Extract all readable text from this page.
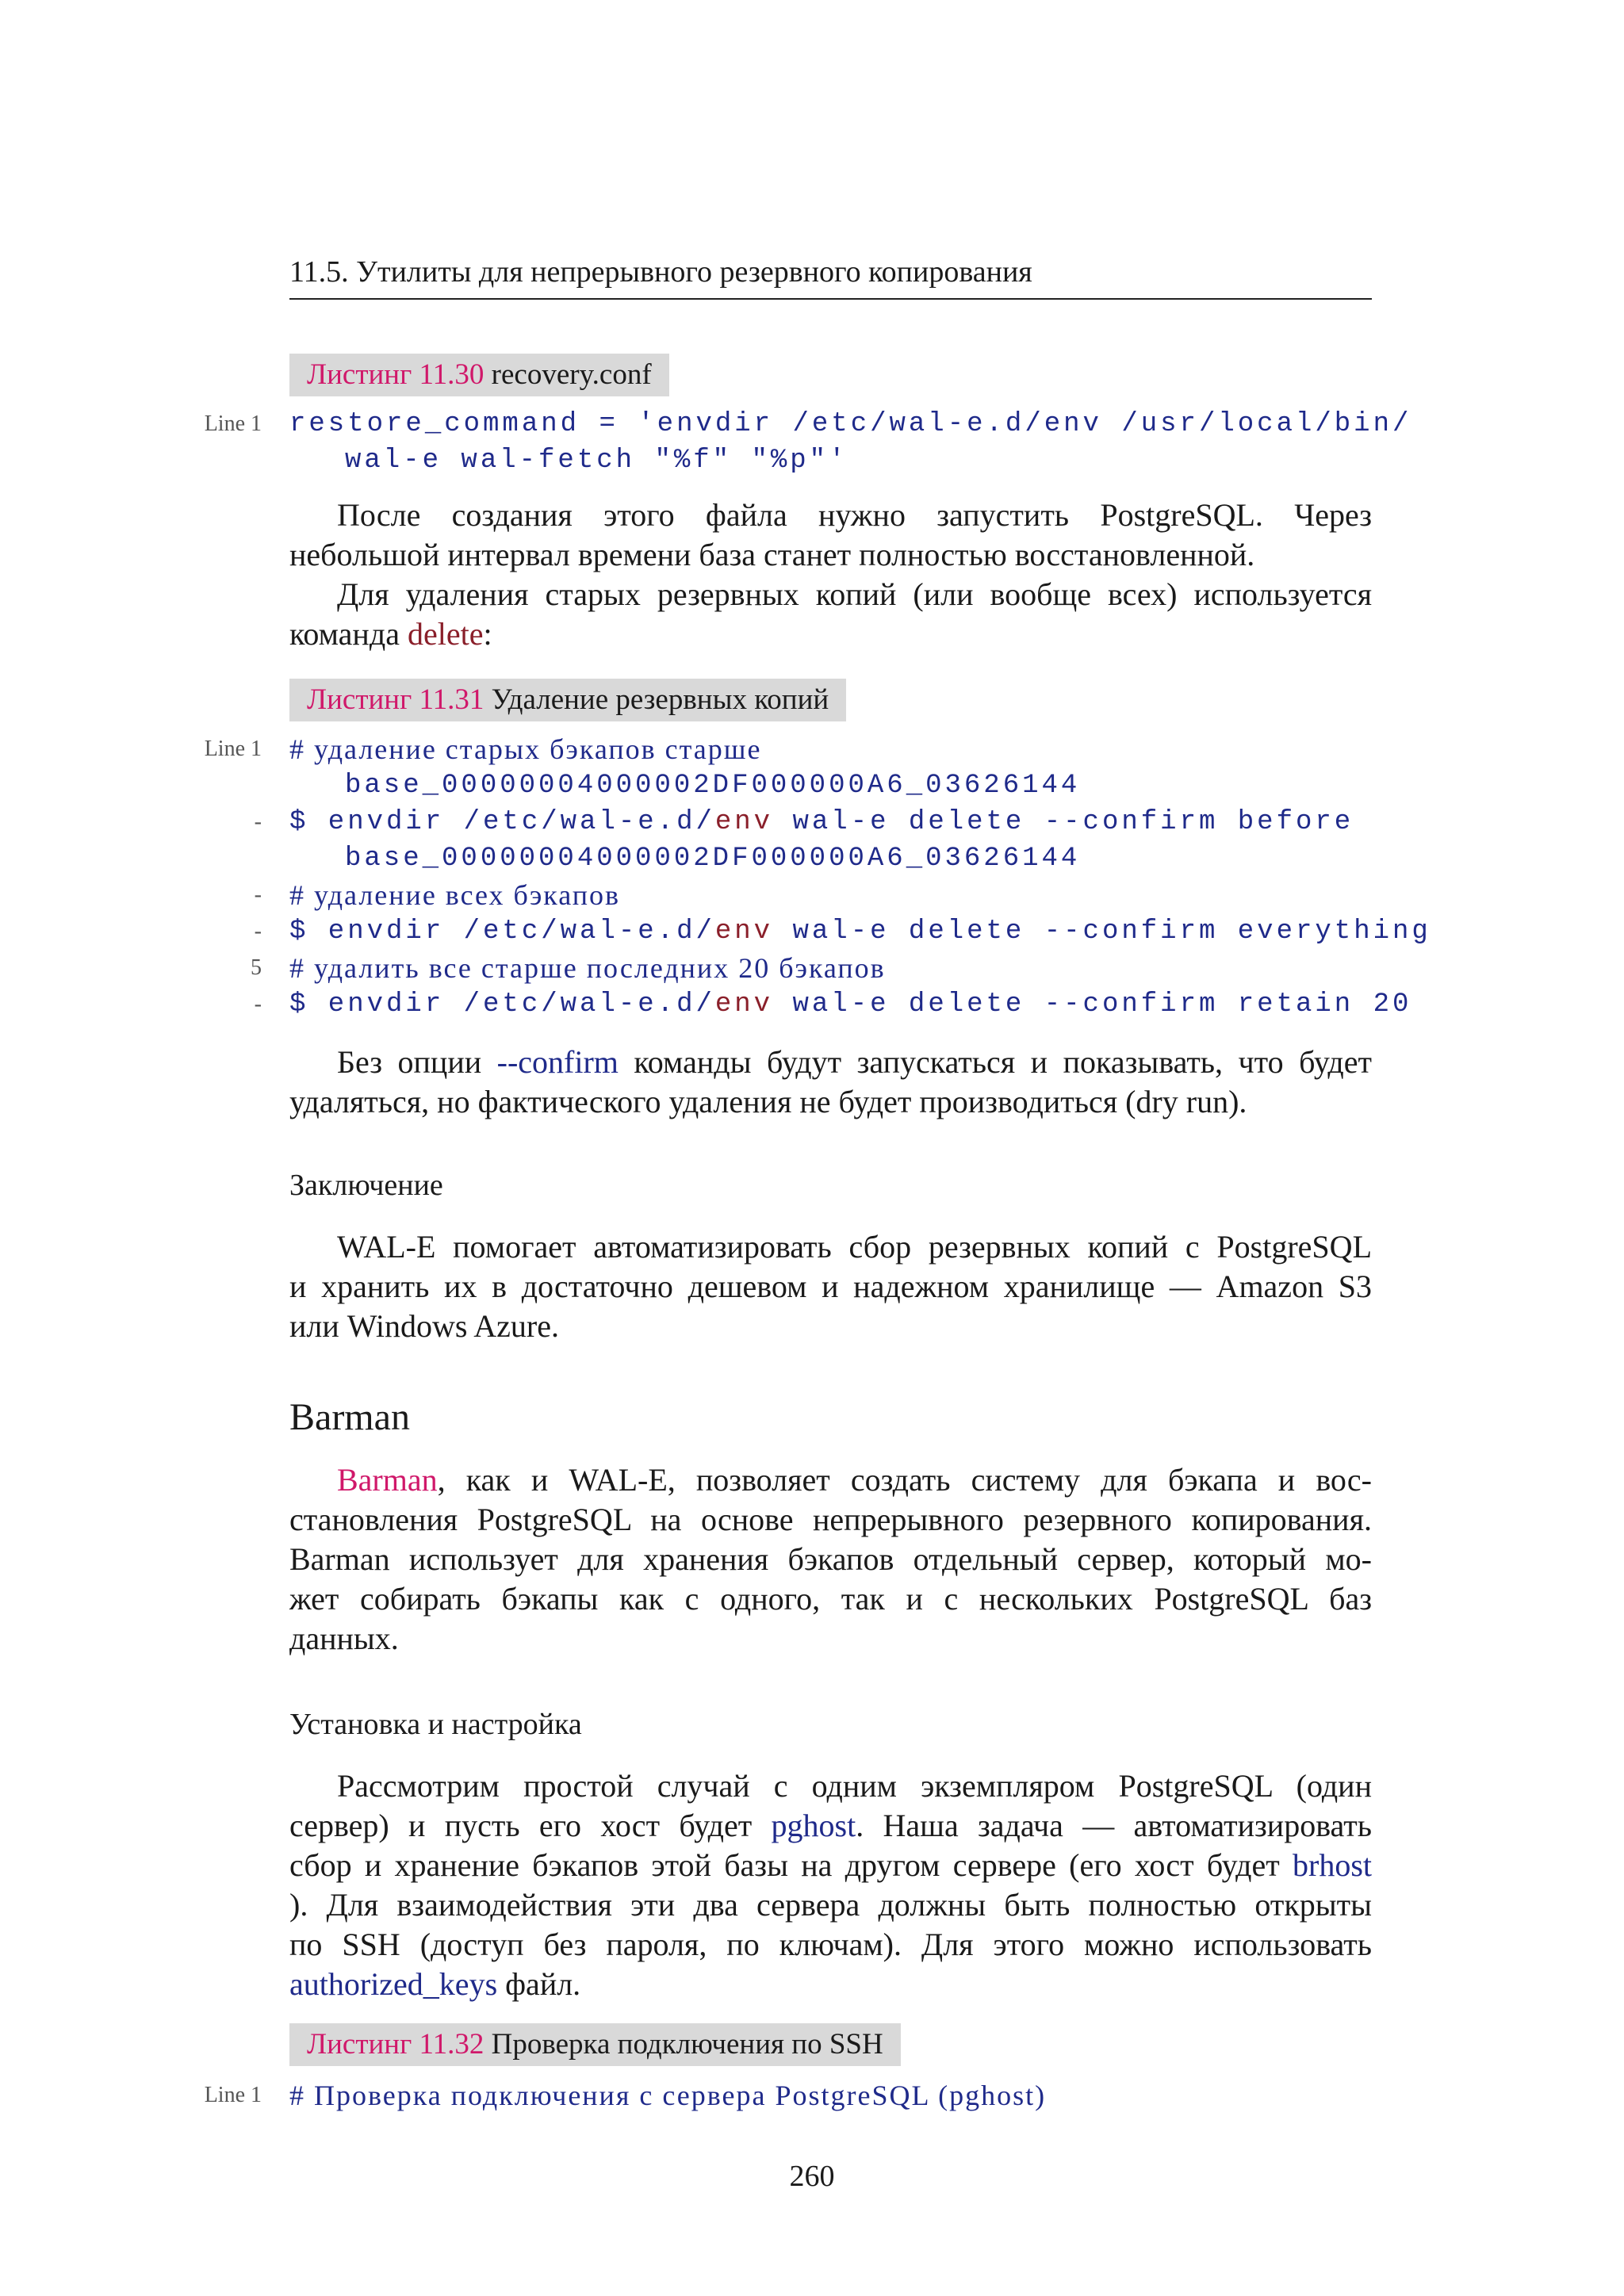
11.5. Утилиты для непрерывного резервного копирования
Листинг 11.30 recovery.conf
Line 1 restore_command = 'envdir /etc/wal-e.d/env /usr/local/bin/
wal-e wal-fetch "%f" "%p"'
После создания этого файла нужно запустить PostgreSQL. Через
небольшой интервал времени база станет полностью восстановленной.
Для удаления старых резервных копий (или вообще всех) используется
команда delete:
Листинг 11.31 Удаление резервных копий
Line 1 # удаление старых бэкапов старше
base_00000004000002DF000000A6_03626144
- $ envdir /etc/wal-e.d/env wal-e delete --confirm before
base_00000004000002DF000000A6_03626144
- # удаление всех бэкапов
- $ envdir /etc/wal-e.d/env wal-e delete --confirm everything
5 # удалить все старше последних 20 бэкапов
- $ envdir /etc/wal-e.d/env wal-e delete --confirm retain 20
Без опции --confirm команды будут запускаться и показывать, что будет
удаляться, но фактического удаления не будет производиться (dry run).
Заключение
WAL-E помогает автоматизировать сбор резервных копий с PostgreSQL
и хранить их в достаточно дешевом и надежном хранилище — Amazon S3
или Windows Azure.
Barman
Barman, как и WAL-E, позволяет создать систему для бэкапа и вос-
становления PostgreSQL на основе непрерывного резервного копирования.
Barman использует для хранения бэкапов отдельный сервер, который мо-
жет собирать бэкапы как с одного, так и с нескольких PostgreSQL баз
данных.
Установка и настройка
Рассмотрим простой случай с одним экземпляром PostgreSQL (один
сервер) и пусть его хост будет pghost. Наша задача — автоматизировать
сбор и хранение бэкапов этой базы на другом сервере (его хост будет brhost
). Для взаимодействия эти два сервера должны быть полностью открыты
по SSH (доступ без пароля, по ключам). Для этого можно использовать
authorized_keys файл.
Листинг 11.32 Проверка подключения по SSH
Line 1 # Проверка подключения с сервера PostgreSQL (pghost)
260
